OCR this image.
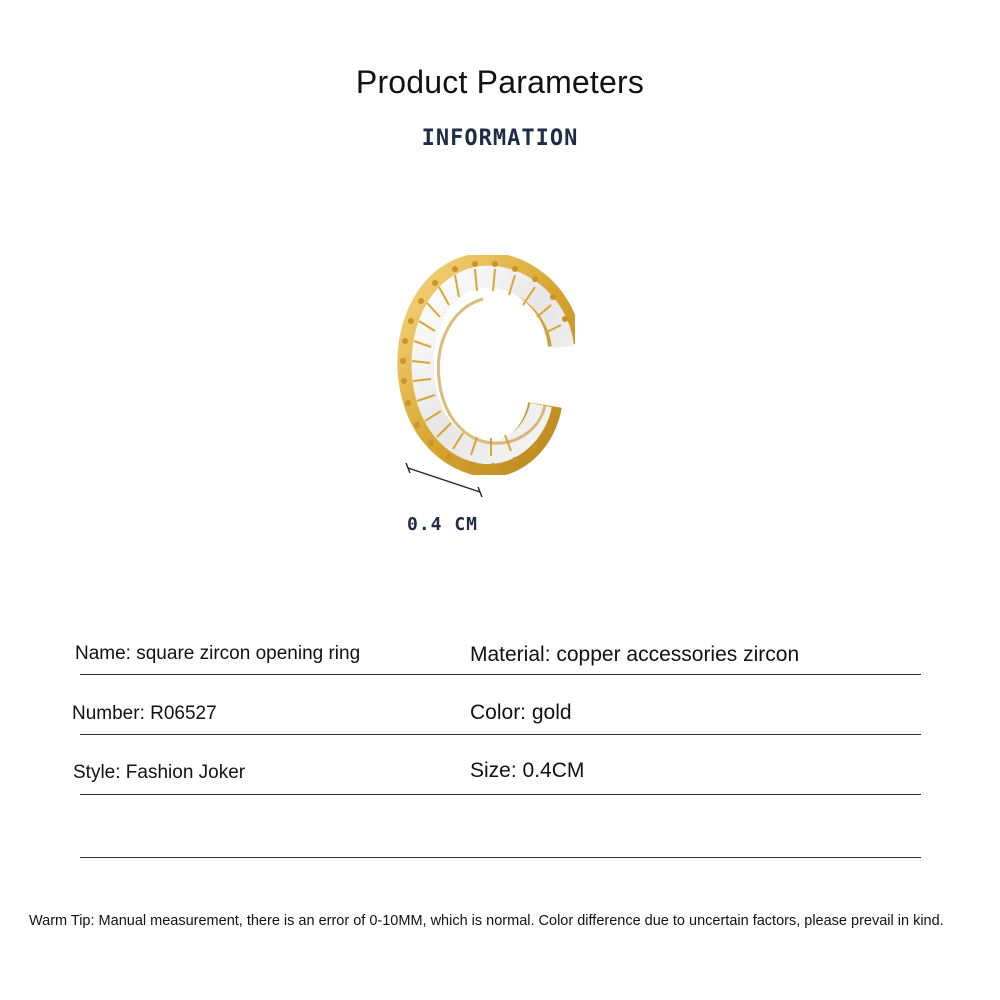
Product Parameters
INFORMATION
0.4 CM
Name: square zircon opening ring	Material: copper accessories zircon
Number: R06527	Color: gold
Style: Fashion Joker	Size: 0.4CM
Warm Tip: Manual measurement, there is an error of 0-10MM, which is normal. Color difference due to uncertain factors, please prevail in kind.
